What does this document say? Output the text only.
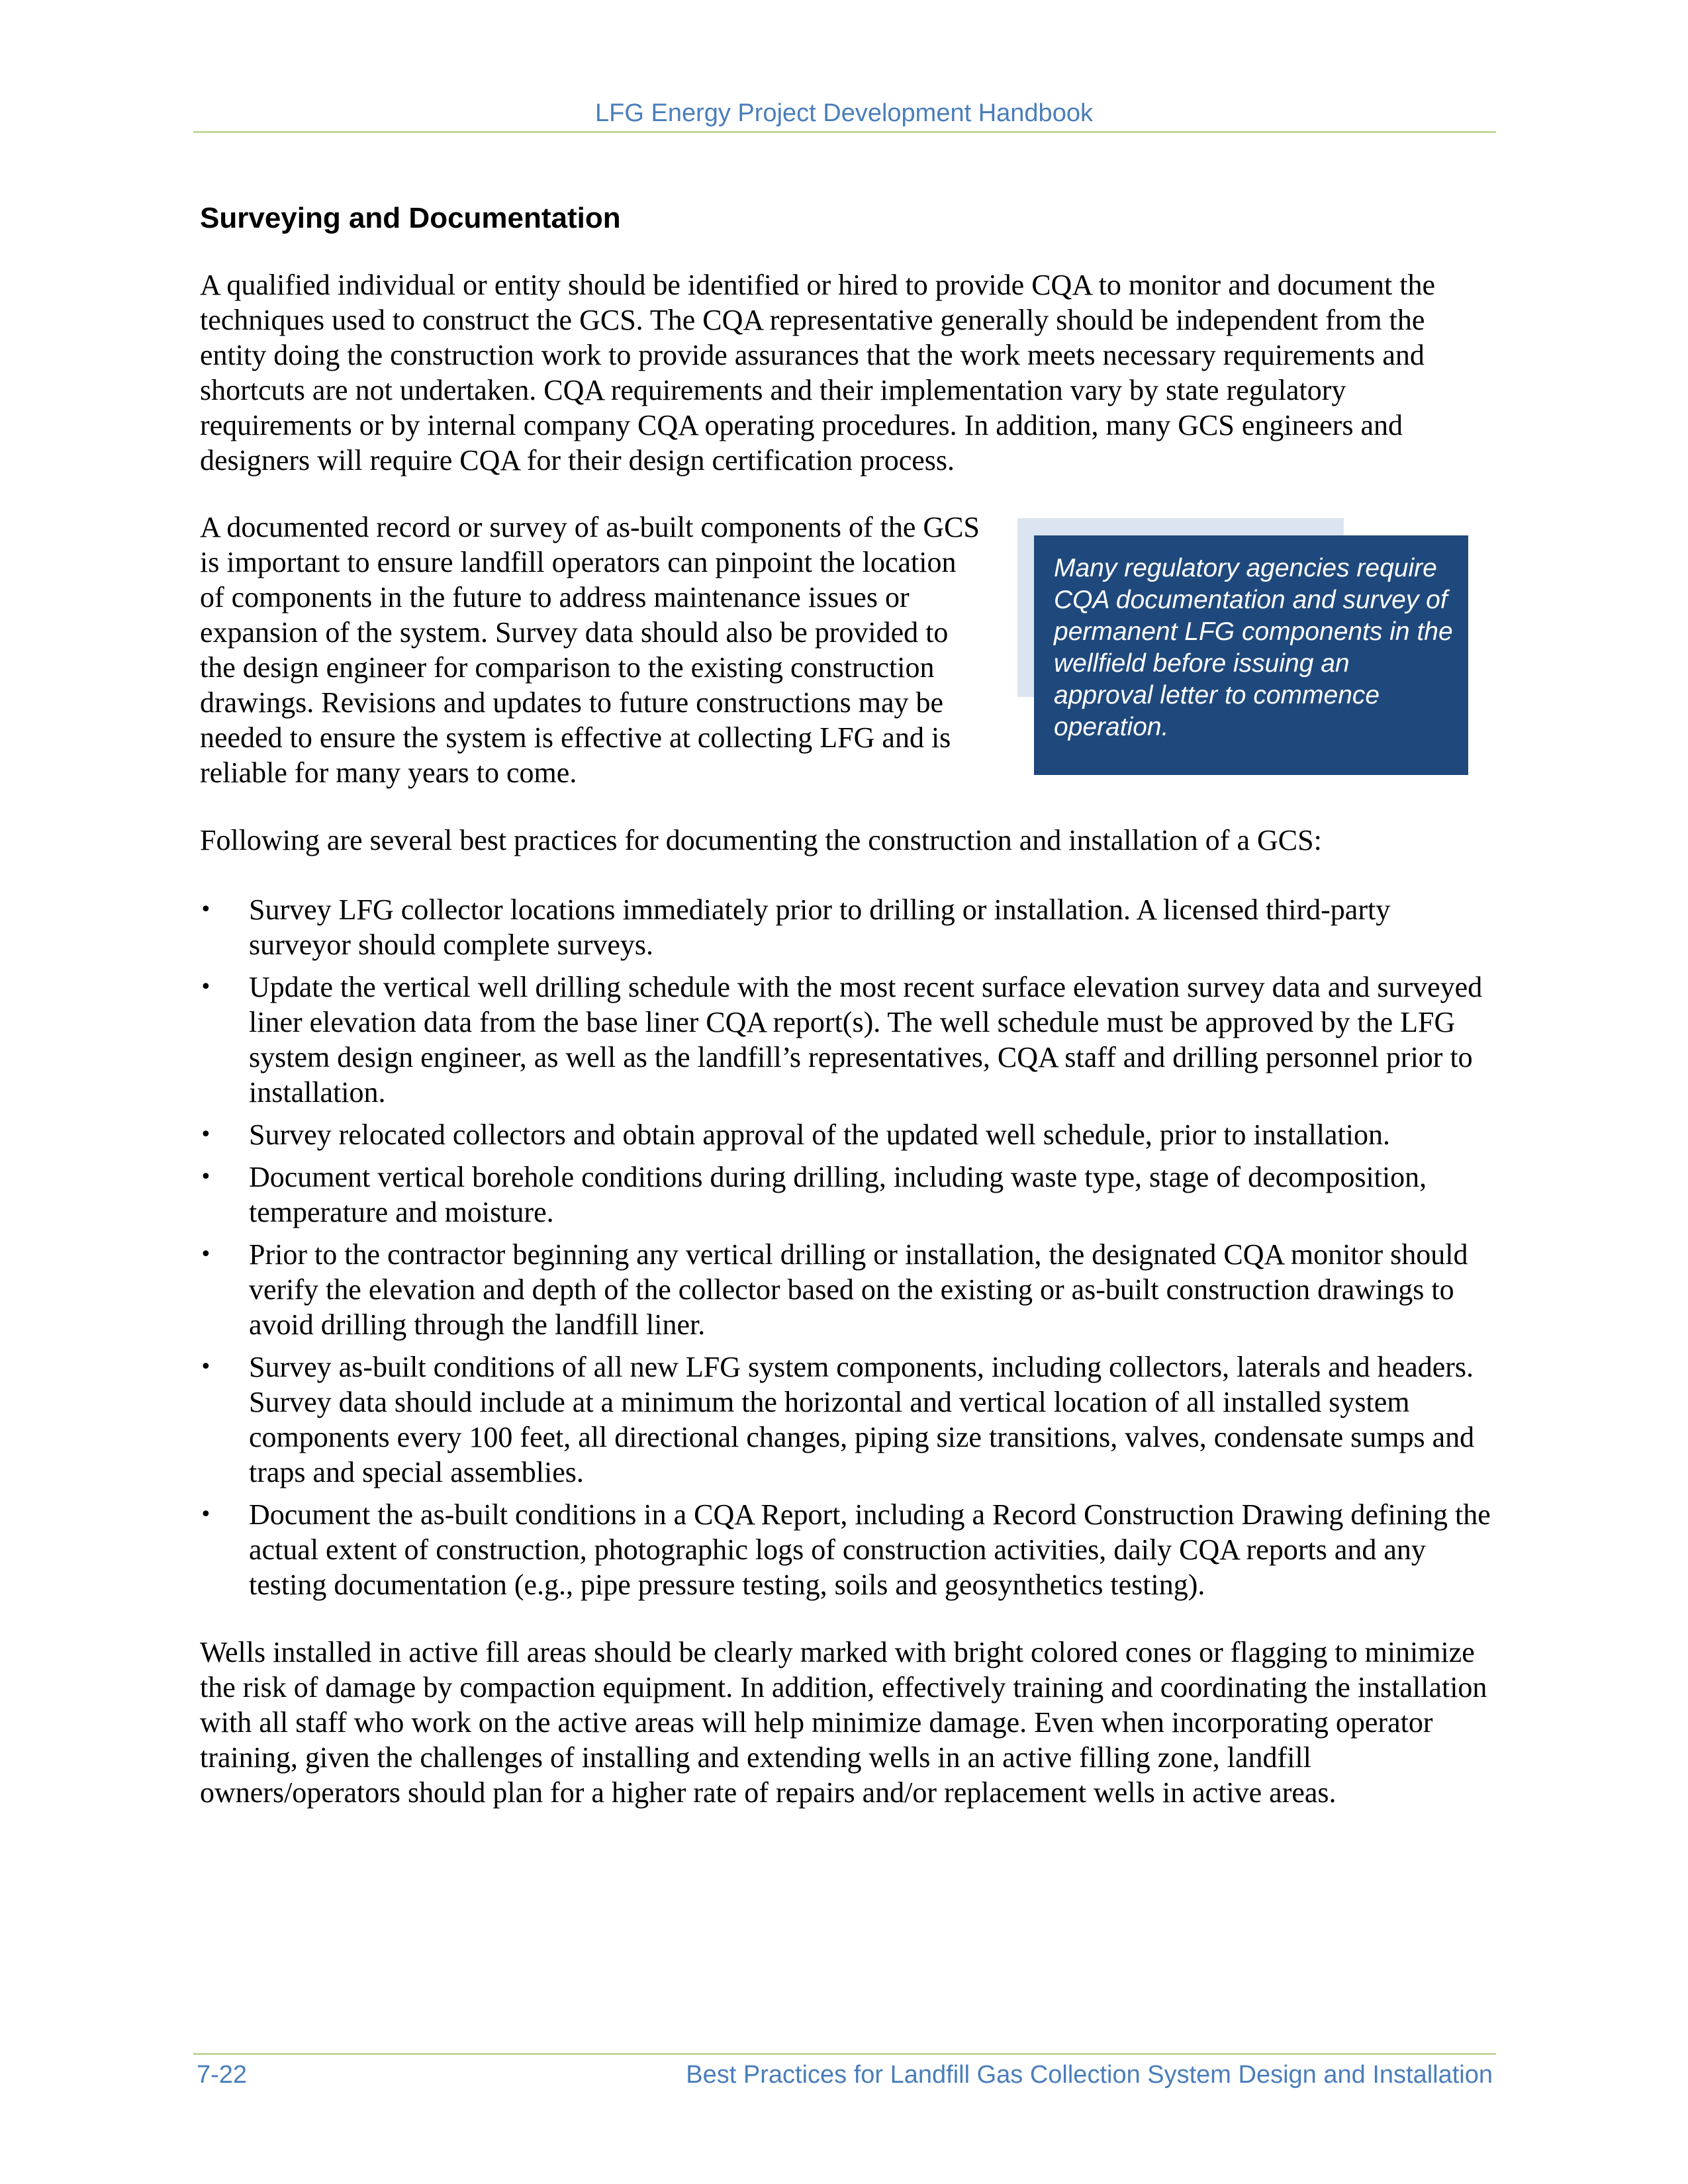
LFG Energy Project Development Handbook
Surveying and Documentation

A qualified individual or entity should be identified or hired to provide CQA to monitor and document the techniques used to construct the GCS. The CQA representative generally should be independent from the entity doing the construction work to provide assurances that the work meets necessary requirements and shortcuts are not undertaken. CQA requirements and their implementation vary by state regulatory requirements or by internal company CQA operating procedures. In addition, many GCS engineers and designers will require CQA for their design certification process.

A documented record or survey of as-built components of the GCS is important to ensure landfill operators can pinpoint the location of components in the future to address maintenance issues or expansion of the system. Survey data should also be provided to the design engineer for comparison to the existing construction drawings. Revisions and updates to future constructions may be needed to ensure the system is effective at collecting LFG and is reliable for many years to come.

Many regulatory agencies require CQA documentation and survey of permanent LFG components in the wellfield before issuing an approval letter to commence operation.

Following are several best practices for documenting the construction and installation of a GCS:

• Survey LFG collector locations immediately prior to drilling or installation. A licensed third-party surveyor should complete surveys.
• Update the vertical well drilling schedule with the most recent surface elevation survey data and surveyed liner elevation data from the base liner CQA report(s). The well schedule must be approved by the LFG system design engineer, as well as the landfill’s representatives, CQA staff and drilling personnel prior to installation.
• Survey relocated collectors and obtain approval of the updated well schedule, prior to installation.
• Document vertical borehole conditions during drilling, including waste type, stage of decomposition, temperature and moisture.
• Prior to the contractor beginning any vertical drilling or installation, the designated CQA monitor should verify the elevation and depth of the collector based on the existing or as-built construction drawings to avoid drilling through the landfill liner.
• Survey as-built conditions of all new LFG system components, including collectors, laterals and headers. Survey data should include at a minimum the horizontal and vertical location of all installed system components every 100 feet, all directional changes, piping size transitions, valves, condensate sumps and traps and special assemblies.
• Document the as-built conditions in a CQA Report, including a Record Construction Drawing defining the actual extent of construction, photographic logs of construction activities, daily CQA reports and any testing documentation (e.g., pipe pressure testing, soils and geosynthetics testing).

Wells installed in active fill areas should be clearly marked with bright colored cones or flagging to minimize the risk of damage by compaction equipment. In addition, effectively training and coordinating the installation with all staff who work on the active areas will help minimize damage. Even when incorporating operator training, given the challenges of installing and extending wells in an active filling zone, landfill owners/operators should plan for a higher rate of repairs and/or replacement wells in active areas.

7-22	Best Practices for Landfill Gas Collection System Design and Installation
